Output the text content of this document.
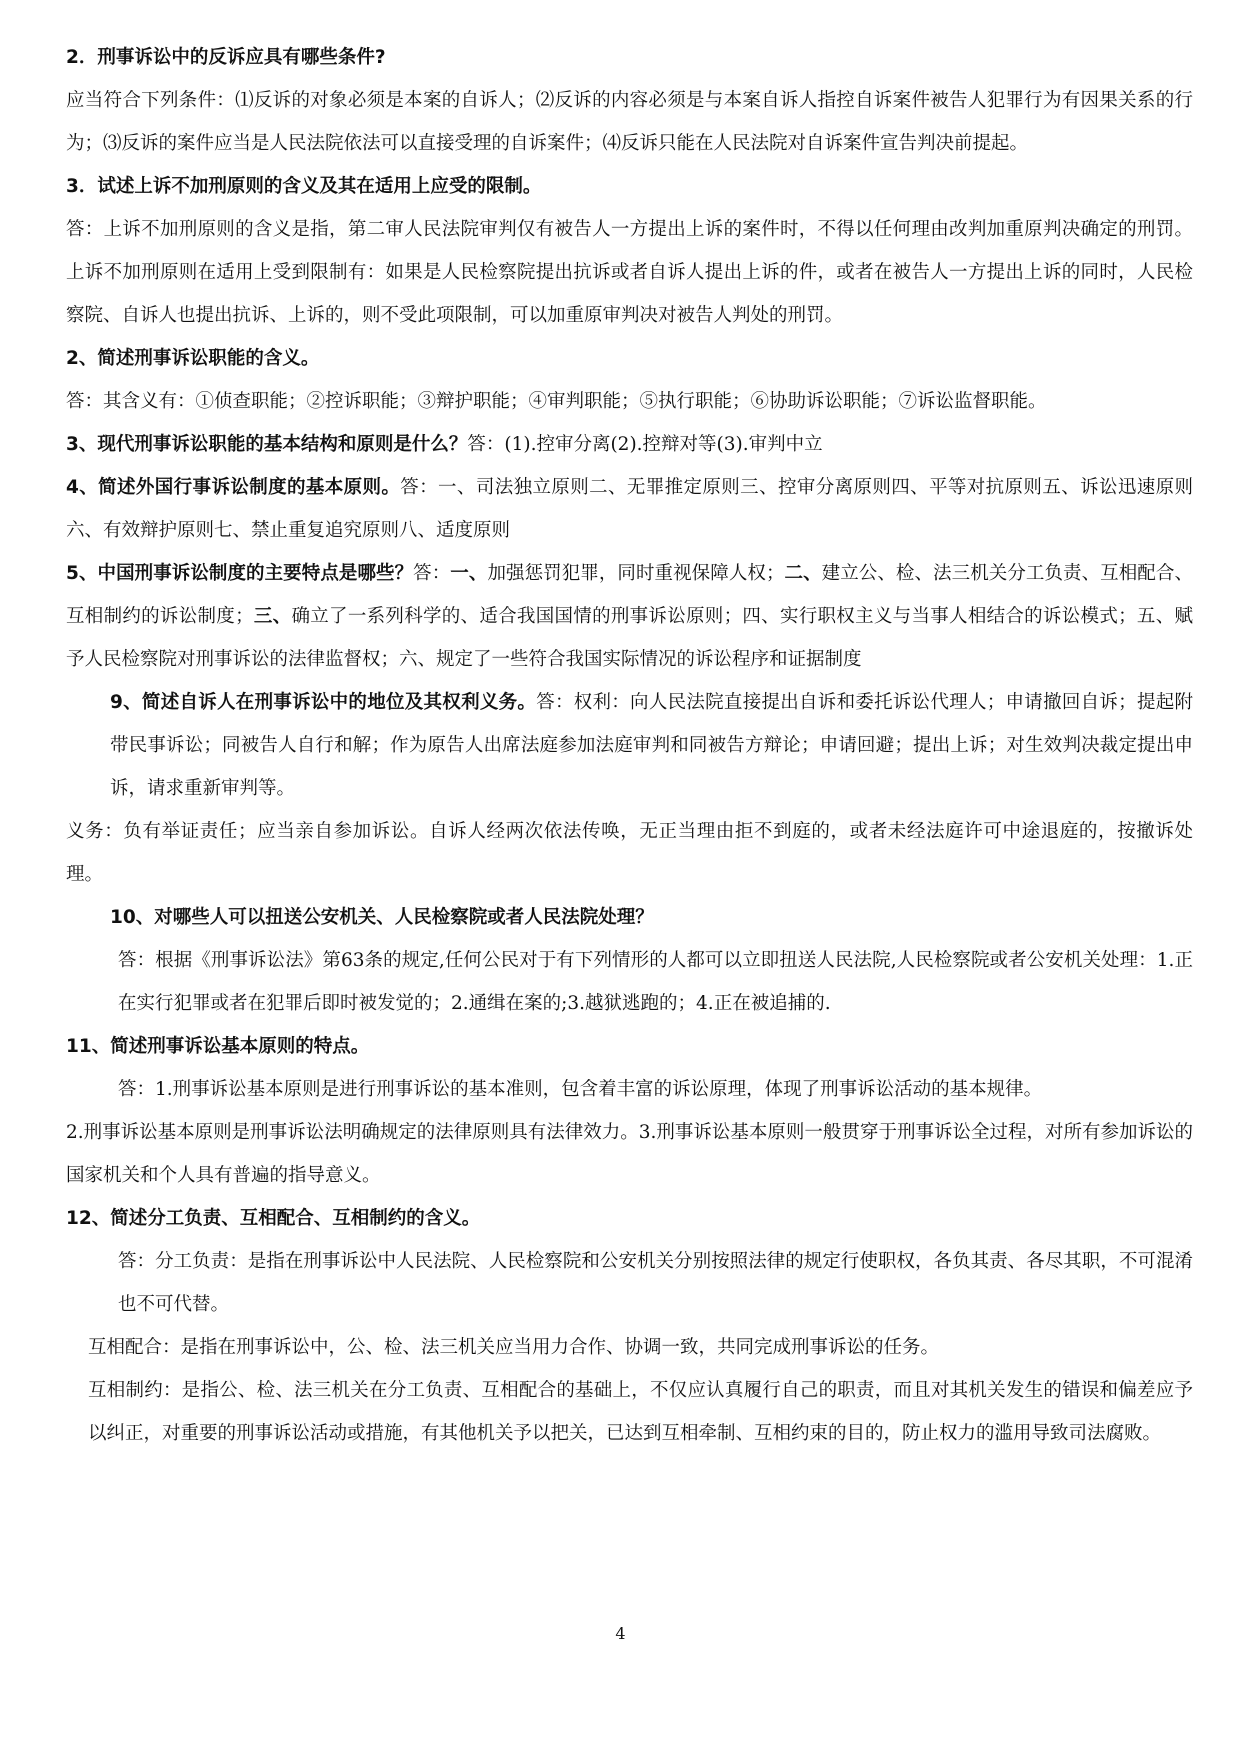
2．刑事诉讼中的反诉应具有哪些条件?

应当符合下列条件：⑴反诉的对象必须是本案的自诉人；⑵反诉的内容必须是与本案自诉人指控自诉案件被告人犯罪行为有因果关系的行为；⑶反诉的案件应当是人民法院依法可以直接受理的自诉案件；⑷反诉只能在人民法院对自诉案件宣告判决前提起。

3．试述上诉不加刑原则的含义及其在适用上应受的限制。

答：上诉不加刑原则的含义是指，第二审人民法院审判仅有被告人一方提出上诉的案件时，不得以任何理由改判加重原判决确定的刑罚。上诉不加刑原则在适用上受到限制有：如果是人民检察院提出抗诉或者自诉人提出上诉的件，或者在被告人一方提出上诉的同时，人民检察院、自诉人也提出抗诉、上诉的，则不受此项限制，可以加重原审判决对被告人判处的刑罚。

2、简述刑事诉讼职能的含义。

答：其含义有：①侦查职能；②控诉职能；③辩护职能；④审判职能；⑤执行职能；⑥协助诉讼职能；⑦诉讼监督职能。

3、现代刑事诉讼职能的基本结构和原则是什么？答：(1).控审分离(2).控辩对等(3).审判中立

4、简述外国行事诉讼制度的基本原则。答：一、司法独立原则二、无罪推定原则三、控审分离原则四、平等对抗原则五、诉讼迅速原则六、有效辩护原则七、禁止重复追究原则八、适度原则

5、中国刑事诉讼制度的主要特点是哪些？答：一、加强惩罚犯罪，同时重视保障人权；二、建立公、检、法三机关分工负责、互相配合、互相制约的诉讼制度；三、确立了一系列科学的、适合我国国情的刑事诉讼原则；四、实行职权主义与当事人相结合的诉讼模式；五、赋予人民检察院对刑事诉讼的法律监督权；六、规定了一些符合我国实际情况的诉讼程序和证据制度

9、简述自诉人在刑事诉讼中的地位及其权利义务。答：权利：向人民法院直接提出自诉和委托诉讼代理人；申请撤回自诉；提起附带民事诉讼；同被告人自行和解；作为原告人出席法庭参加法庭审判和同被告方辩论；申请回避；提出上诉；对生效判决裁定提出申诉，请求重新审判等。

义务：负有举证责任；应当亲自参加诉讼。自诉人经两次依法传唤，无正当理由拒不到庭的，或者未经法庭许可中途退庭的，按撤诉处理。

10、对哪些人可以扭送公安机关、人民检察院或者人民法院处理？

答：根据《刑事诉讼法》第63条的规定,任何公民对于有下列情形的人都可以立即扭送人民法院,人民检察院或者公安机关处理：1.正在实行犯罪或者在犯罪后即时被发觉的；2.通缉在案的;3.越狱逃跑的；4.正在被追捕的.

11、简述刑事诉讼基本原则的特点。

答：1.刑事诉讼基本原则是进行刑事诉讼的基本准则，包含着丰富的诉讼原理，体现了刑事诉讼活动的基本规律。

2.刑事诉讼基本原则是刑事诉讼法明确规定的法律原则具有法律效力。3.刑事诉讼基本原则一般贯穿于刑事诉讼全过程，对所有参加诉讼的国家机关和个人具有普遍的指导意义。

12、简述分工负责、互相配合、互相制约的含义。

答：分工负责：是指在刑事诉讼中人民法院、人民检察院和公安机关分别按照法律的规定行使职权，各负其责、各尽其职，不可混淆也不可代替。

互相配合：是指在刑事诉讼中，公、检、法三机关应当用力合作、协调一致，共同完成刑事诉讼的任务。

互相制约：是指公、检、法三机关在分工负责、互相配合的基础上，不仅应认真履行自己的职责，而且对其机关发生的错误和偏差应予以纠正，对重要的刑事诉讼活动或措施，有其他机关予以把关，已达到互相牵制、互相约束的目的，防止权力的滥用导致司法腐败。

4
